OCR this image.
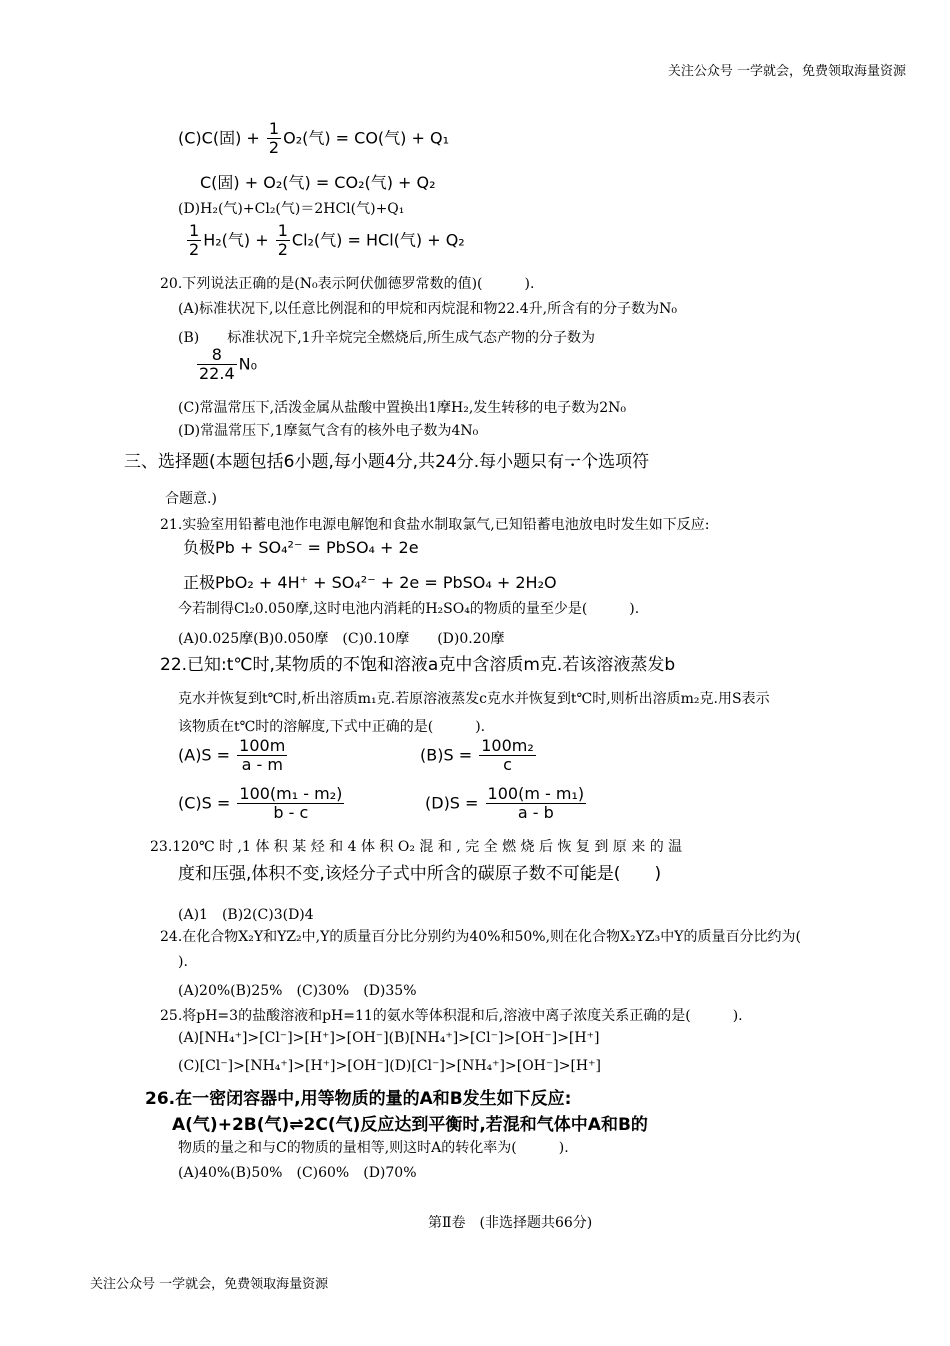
关注公众号 一学就会，免费领取海量资源
(C)C(固) + $\frac{1}{2} O_2$(气) = CO(气) + Q₁
C(固) + O₂(气) = CO₂(气) + Q₂
(D)H₂(气)+Cl₂(气)＝2HCl(气)+Q₁
$\frac{1}{2} H_2$(气) + $\frac{1}{2} Cl_2$(气) = HCl(气) + Q₂
20.下列说法正确的是(N₀表示阿伏伽德罗常数的值)(　　　).
(A)标准状况下,以任意比例混和的甲烷和丙烷混和物22.4升,所含有的分子数为N₀
(B)　　标准状况下,1升辛烷完全燃烧后,所生成气态产物的分子数为
$\frac{8}{22.4} N_0$
(C)常温常压下,活泼金属从盐酸中置换出1摩H₂,发生转移的电子数为2N₀
(D)常温常压下,1摩氦气含有的核外电子数为4N₀
三、选择题(本题包括6小题,每小题4分,共24分.每小题只 •有 •一 •个 •选项符
合题意.)
21.实验室用铅蓄电池作电源电解饱和食盐水制取氯气,已知铅蓄电池放电时发生如下反应:
负极Pb + SO₄²⁻ = PbSO₄ + 2e
正极PbO₂ + 4H⁺ + SO₄²⁻ + 2e = PbSO₄ + 2H₂O
今若制得Cl₂0.050摩,这时电池内消耗的H₂SO₄的物质的量至少是(　　　).
(A)0.025摩(B)0.050摩　(C)0.10摩　　(D)0.20摩
22.已知:t℃时,某物质的不 •饱 •和 •溶液a克中含溶质m克.若该溶液蒸发b
克水并恢复到t℃时,析出溶质m₁克.若原溶液蒸发c克水并恢复到t℃时,则析出溶质m₂克.用S表示
该物质在t℃时的溶解度,下式中正确的是(　　　).
$(A)S = \frac{100m}{a - m}$	$(B)S = \frac{\text{100m₂}}{c}$
$(C)S = \frac{\text{100(m₁ - m₂)}}{b - c}$	$(D)S = \frac{\text{100(m - m₁)}}{a - b}$
23.120℃ 时 ,1 体 积 某 烃 和 4 体 积 O₂ 混 和 , 完 全 燃 烧 后 恢 复 到 原 来 的 温
度和压强,体积不变,该烃分子式中所含的碳原子数不 •可 •能 •是(　　)
(A)1　(B)2(C)3(D)4
24.在化合物X₂Y和YZ₂中,Y的质量百分比分别约为40%和50%,则在化合物X₂YZ₃中Y的质量百分比约为(
).
(A)20%(B)25%　(C)30%　(D)35%
25.将pH=3的盐酸溶液和pH=11的氨水等体积混和后,溶液中离子浓度关系正确的是(　　　).
(A)[NH₄⁺]>[Cl⁻]>[H⁺]>[OH⁻](B)[NH₄⁺]>[Cl⁻]>[OH⁻]>[H⁺]
(C)[Cl⁻]>[NH₄⁺]>[H⁺]>[OH⁻](D)[Cl⁻]>[NH₄⁺]>[OH⁻]>[H⁺]
26.在一密闭容器中,用等物质的量的A和B发生如下反应:
A(气)+2B(气)⇌2C(气)反应达到平衡时,若混和气体中A和B的
物质的量之和与C的物质的量相等,则这时A的转化率为(　　　).
(A)40%(B)50%　(C)60%　(D)70%
第Ⅱ卷　(非选择题共66分)
关注公众号 一学就会，免费领取海量资源
